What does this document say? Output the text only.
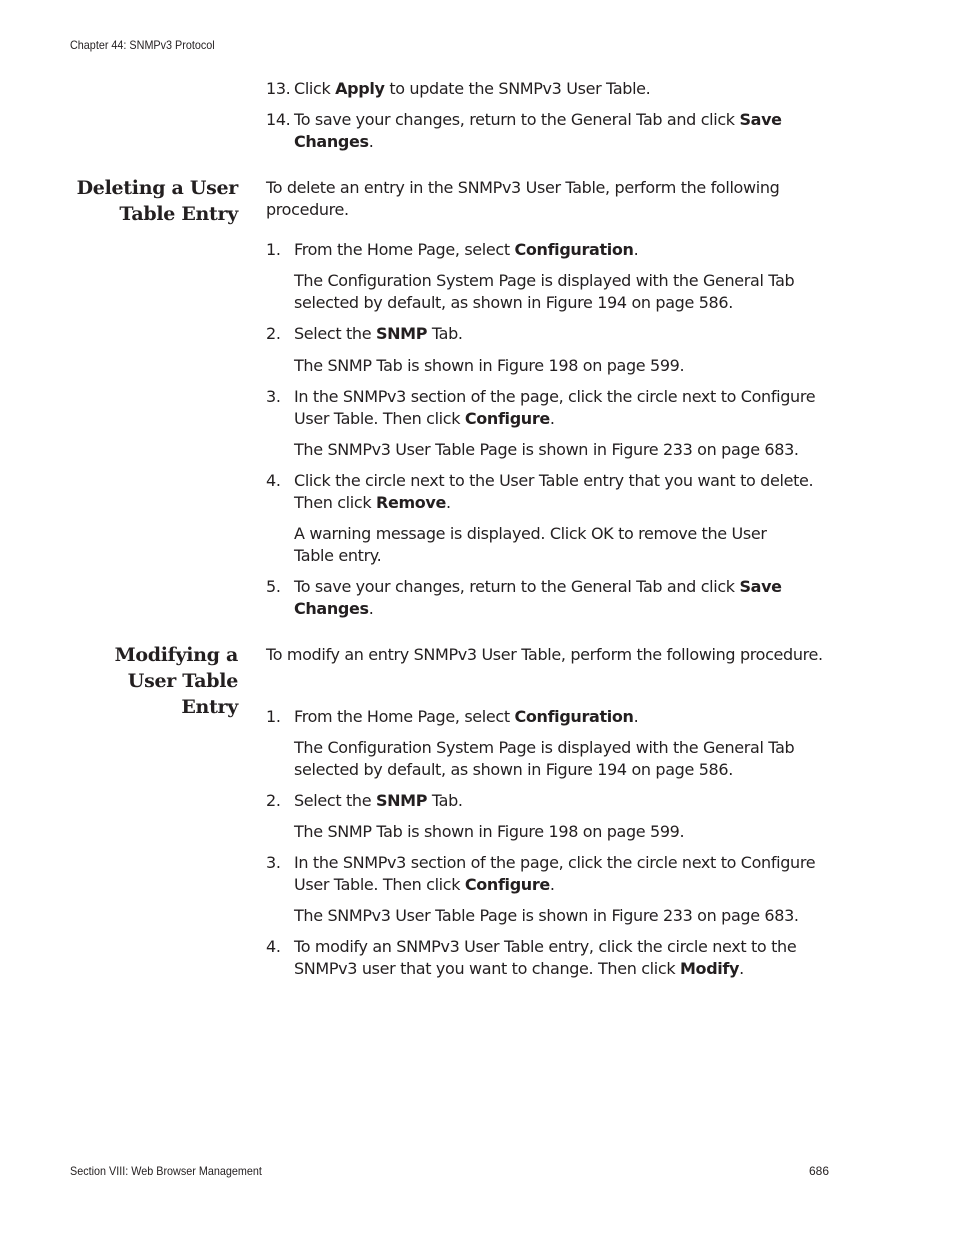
Chapter 44: SNMPv3 Protocol
13. Click Apply to update the SNMPv3 User Table.
14. To save your changes, return to the General Tab and click Save Changes.
Deleting a User
Table Entry
To delete an entry in the SNMPv3 User Table, perform the following procedure.
1. From the Home Page, select Configuration.
The Configuration System Page is displayed with the General Tab selected by default, as shown in Figure 194 on page 586.
2. Select the SNMP Tab.
The SNMP Tab is shown in Figure 198 on page 599.
3. In the SNMPv3 section of the page, click the circle next to Configure User Table. Then click Configure.
The SNMPv3 User Table Page is shown in Figure 233 on page 683.
4. Click the circle next to the User Table entry that you want to delete. Then click Remove.
A warning message is displayed. Click OK to remove the User Table entry.
5. To save your changes, return to the General Tab and click Save Changes.
Modifying a
User Table
Entry
To modify an entry SNMPv3 User Table, perform the following procedure.
1. From the Home Page, select Configuration.
The Configuration System Page is displayed with the General Tab selected by default, as shown in Figure 194 on page 586.
2. Select the SNMP Tab.
The SNMP Tab is shown in Figure 198 on page 599.
3. In the SNMPv3 section of the page, click the circle next to Configure User Table. Then click Configure.
The SNMPv3 User Table Page is shown in Figure 233 on page 683.
4. To modify an SNMPv3 User Table entry, click the circle next to the SNMPv3 user that you want to change. Then click Modify.
Section VIII: Web Browser Management	686
